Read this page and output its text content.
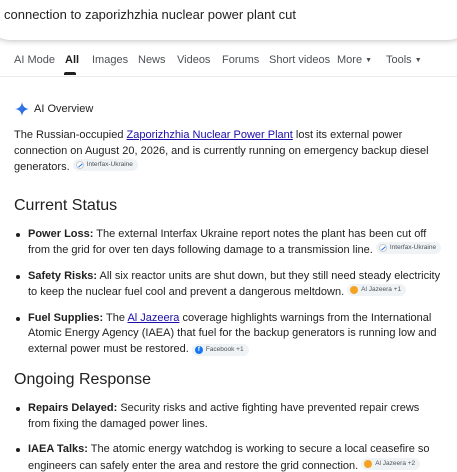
connection to zaporizhzhia nuclear power plant cut
AI Mode All Images News Videos Forums Short videos More ▼ Tools ▼
AI Overview

The Russian-occupied Zaporizhzhia Nuclear Power Plant lost its external power connection on August 20, 2026, and is currently running on emergency backup diesel generators.	Interfax-Ukraine

Current Status
Power Loss: The external Interfax Ukraine report notes the plant has been cut off from the grid for over ten days following damage to a transmission line.	Interfax-Ukraine
Safety Risks: All six reactor units are shut down, but they still need steady electricity to keep the nuclear fuel cool and prevent a dangerous meltdown.	Al Jazeera +1
Fuel Supplies: The Al Jazeera coverage highlights warnings from the International Atomic Energy Agency (IAEA) that fuel for the backup generators is running low and external power must be restored.	f Facebook +1
Ongoing Response
Repairs Delayed: Security risks and active fighting have prevented repair crews from fixing the damaged power lines.
IAEA Talks: The atomic energy watchdog is working to secure a local ceasefire so engineers can safely enter the area and restore the grid connection.	Al Jazeera +2
